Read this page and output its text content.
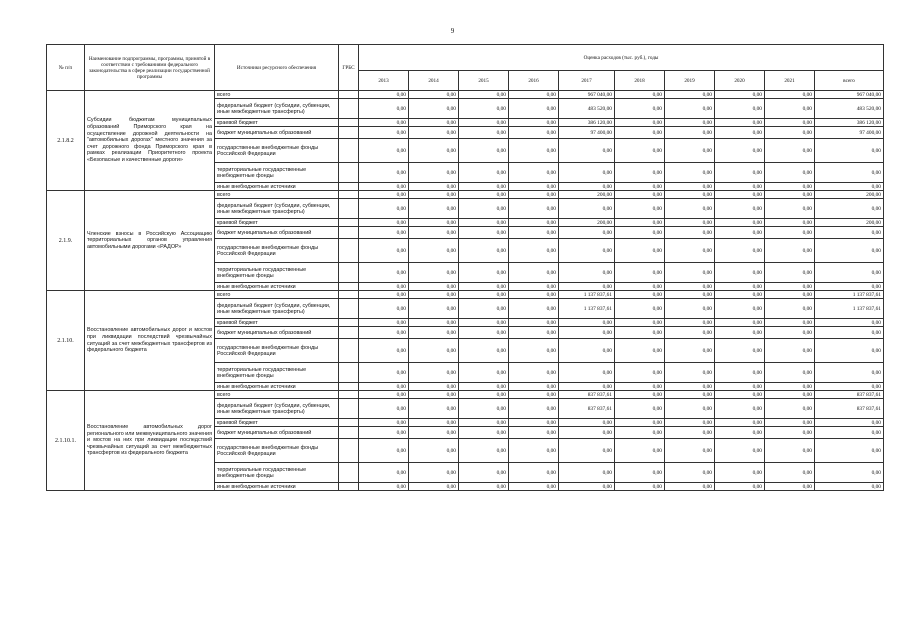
9
№ п/п	Наименование подпрограммы, программы, принятой в соответствии с требованиями федерального законодательства в сфере реализации государственной программы	Источники ресурсного обеспечения	ГРБС	Оценка расходов (тыс. руб.), годы									
				2013	2014	2015	2016	2017	2018	2019	2020	2021	всего
2.1.8.2	Субсидии бюджетам муниципальных образований Приморского края на осуществление дорожной деятельности на "автомобильных дорогах" местного значения за счет дорожного фонда Приморского края в рамках реализации Приоритетного проекта «Безопасные и качественные дороги»	всего		0,00	0,00	0,00	0,00	967 040,00	0,00	0,00	0,00	0,00	967 040,00
		федеральный бюджет (субсидии, субвенции, иные межбюджетные трансферты)		0,00	0,00	0,00	0,00	483 520,00	0,00	0,00	0,00	0,00	483 520,00
		краевой бюджет		0,00	0,00	0,00	0,00	386 120,00	0,00	0,00	0,00	0,00	386 120,00
		бюджет муниципальных образований		0,00	0,00	0,00	0,00	97 400,00	0,00	0,00	0,00	0,00	97 400,00
		государственные внебюджетные фонды Российской Федерации		0,00	0,00	0,00	0,00	0,00	0,00	0,00	0,00	0,00	0,00
		территориальные государственные внебюджетные фонды		0,00	0,00	0,00	0,00	0,00	0,00	0,00	0,00	0,00	0,00
		иные внебюджетные источники		0,00	0,00	0,00	0,00	0,00	0,00	0,00	0,00	0,00	0,00
2.1.9.	Членские взносы в Российскую Ассоциацию территориальных органов управления автомобильными дорогами «РАДОР»	всего		0,00	0,00	0,00	0,00	200,00	0,00	0,00	0,00	0,00	200,00
		федеральный бюджет (субсидии, субвенции, иные межбюджетные трансферты)		0,00	0,00	0,00	0,00	0,00	0,00	0,00	0,00	0,00	0,00
		краевой бюджет		0,00	0,00	0,00	0,00	200,00	0,00	0,00	0,00	0,00	200,00
		бюджет муниципальных образований		0,00	0,00	0,00	0,00	0,00	0,00	0,00	0,00	0,00	0,00
		государственные внебюджетные фонды Российской Федерации		0,00	0,00	0,00	0,00	0,00	0,00	0,00	0,00	0,00	0,00
		территориальные государственные внебюджетные фонды		0,00	0,00	0,00	0,00	0,00	0,00	0,00	0,00	0,00	0,00
		иные внебюджетные источники		0,00	0,00	0,00	0,00	0,00	0,00	0,00	0,00	0,00	0,00
2.1.10.	Восстановление автомобильных дорог и мостов при ликвидации последствий чрезвычайных ситуаций за счет межбюджетных трансфертов из федерального бюджета	всего		0,00	0,00	0,00	0,00	1 137 837,61	0,00	0,00	0,00	0,00	1 137 837,61
		федеральный бюджет (субсидии, субвенции, иные межбюджетные трансферты)		0,00	0,00	0,00	0,00	1 137 837,61	0,00	0,00	0,00	0,00	1 137 837,61
		краевой бюджет		0,00	0,00	0,00	0,00	0,00	0,00	0,00	0,00	0,00	0,00
		бюджет муниципальных образований		0,00	0,00	0,00	0,00	0,00	0,00	0,00	0,00	0,00	0,00
		государственные внебюджетные фонды Российской Федерации		0,00	0,00	0,00	0,00	0,00	0,00	0,00	0,00	0,00	0,00
		территориальные государственные внебюджетные фонды		0,00	0,00	0,00	0,00	0,00	0,00	0,00	0,00	0,00	0,00
		иные внебюджетные источники		0,00	0,00	0,00	0,00	0,00	0,00	0,00	0,00	0,00	0,00
2.1.10.1.	Восстановление автомобильных дорог регионального или межмуниципального значения и мостов на них при ликвидации последствий чрезвычайных ситуаций за счет межбюджетных трансфертов из федерального бюджета	всего		0,00	0,00	0,00	0,00	837 837,61	0,00	0,00	0,00	0,00	837 837,61
		федеральный бюджет (субсидии, субвенции, иные межбюджетные трансферты)		0,00	0,00	0,00	0,00	837 837,61	0,00	0,00	0,00	0,00	837 837,61
		краевой бюджет		0,00	0,00	0,00	0,00	0,00	0,00	0,00	0,00	0,00	0,00
		бюджет муниципальных образований		0,00	0,00	0,00	0,00	0,00	0,00	0,00	0,00	0,00	0,00
		государственные внебюджетные фонды Российской Федерации		0,00	0,00	0,00	0,00	0,00	0,00	0,00	0,00	0,00	0,00
		территориальные государственные внебюджетные фонды		0,00	0,00	0,00	0,00	0,00	0,00	0,00	0,00	0,00	0,00
		иные внебюджетные источники		0,00	0,00	0,00	0,00	0,00	0,00	0,00	0,00	0,00	0,00
